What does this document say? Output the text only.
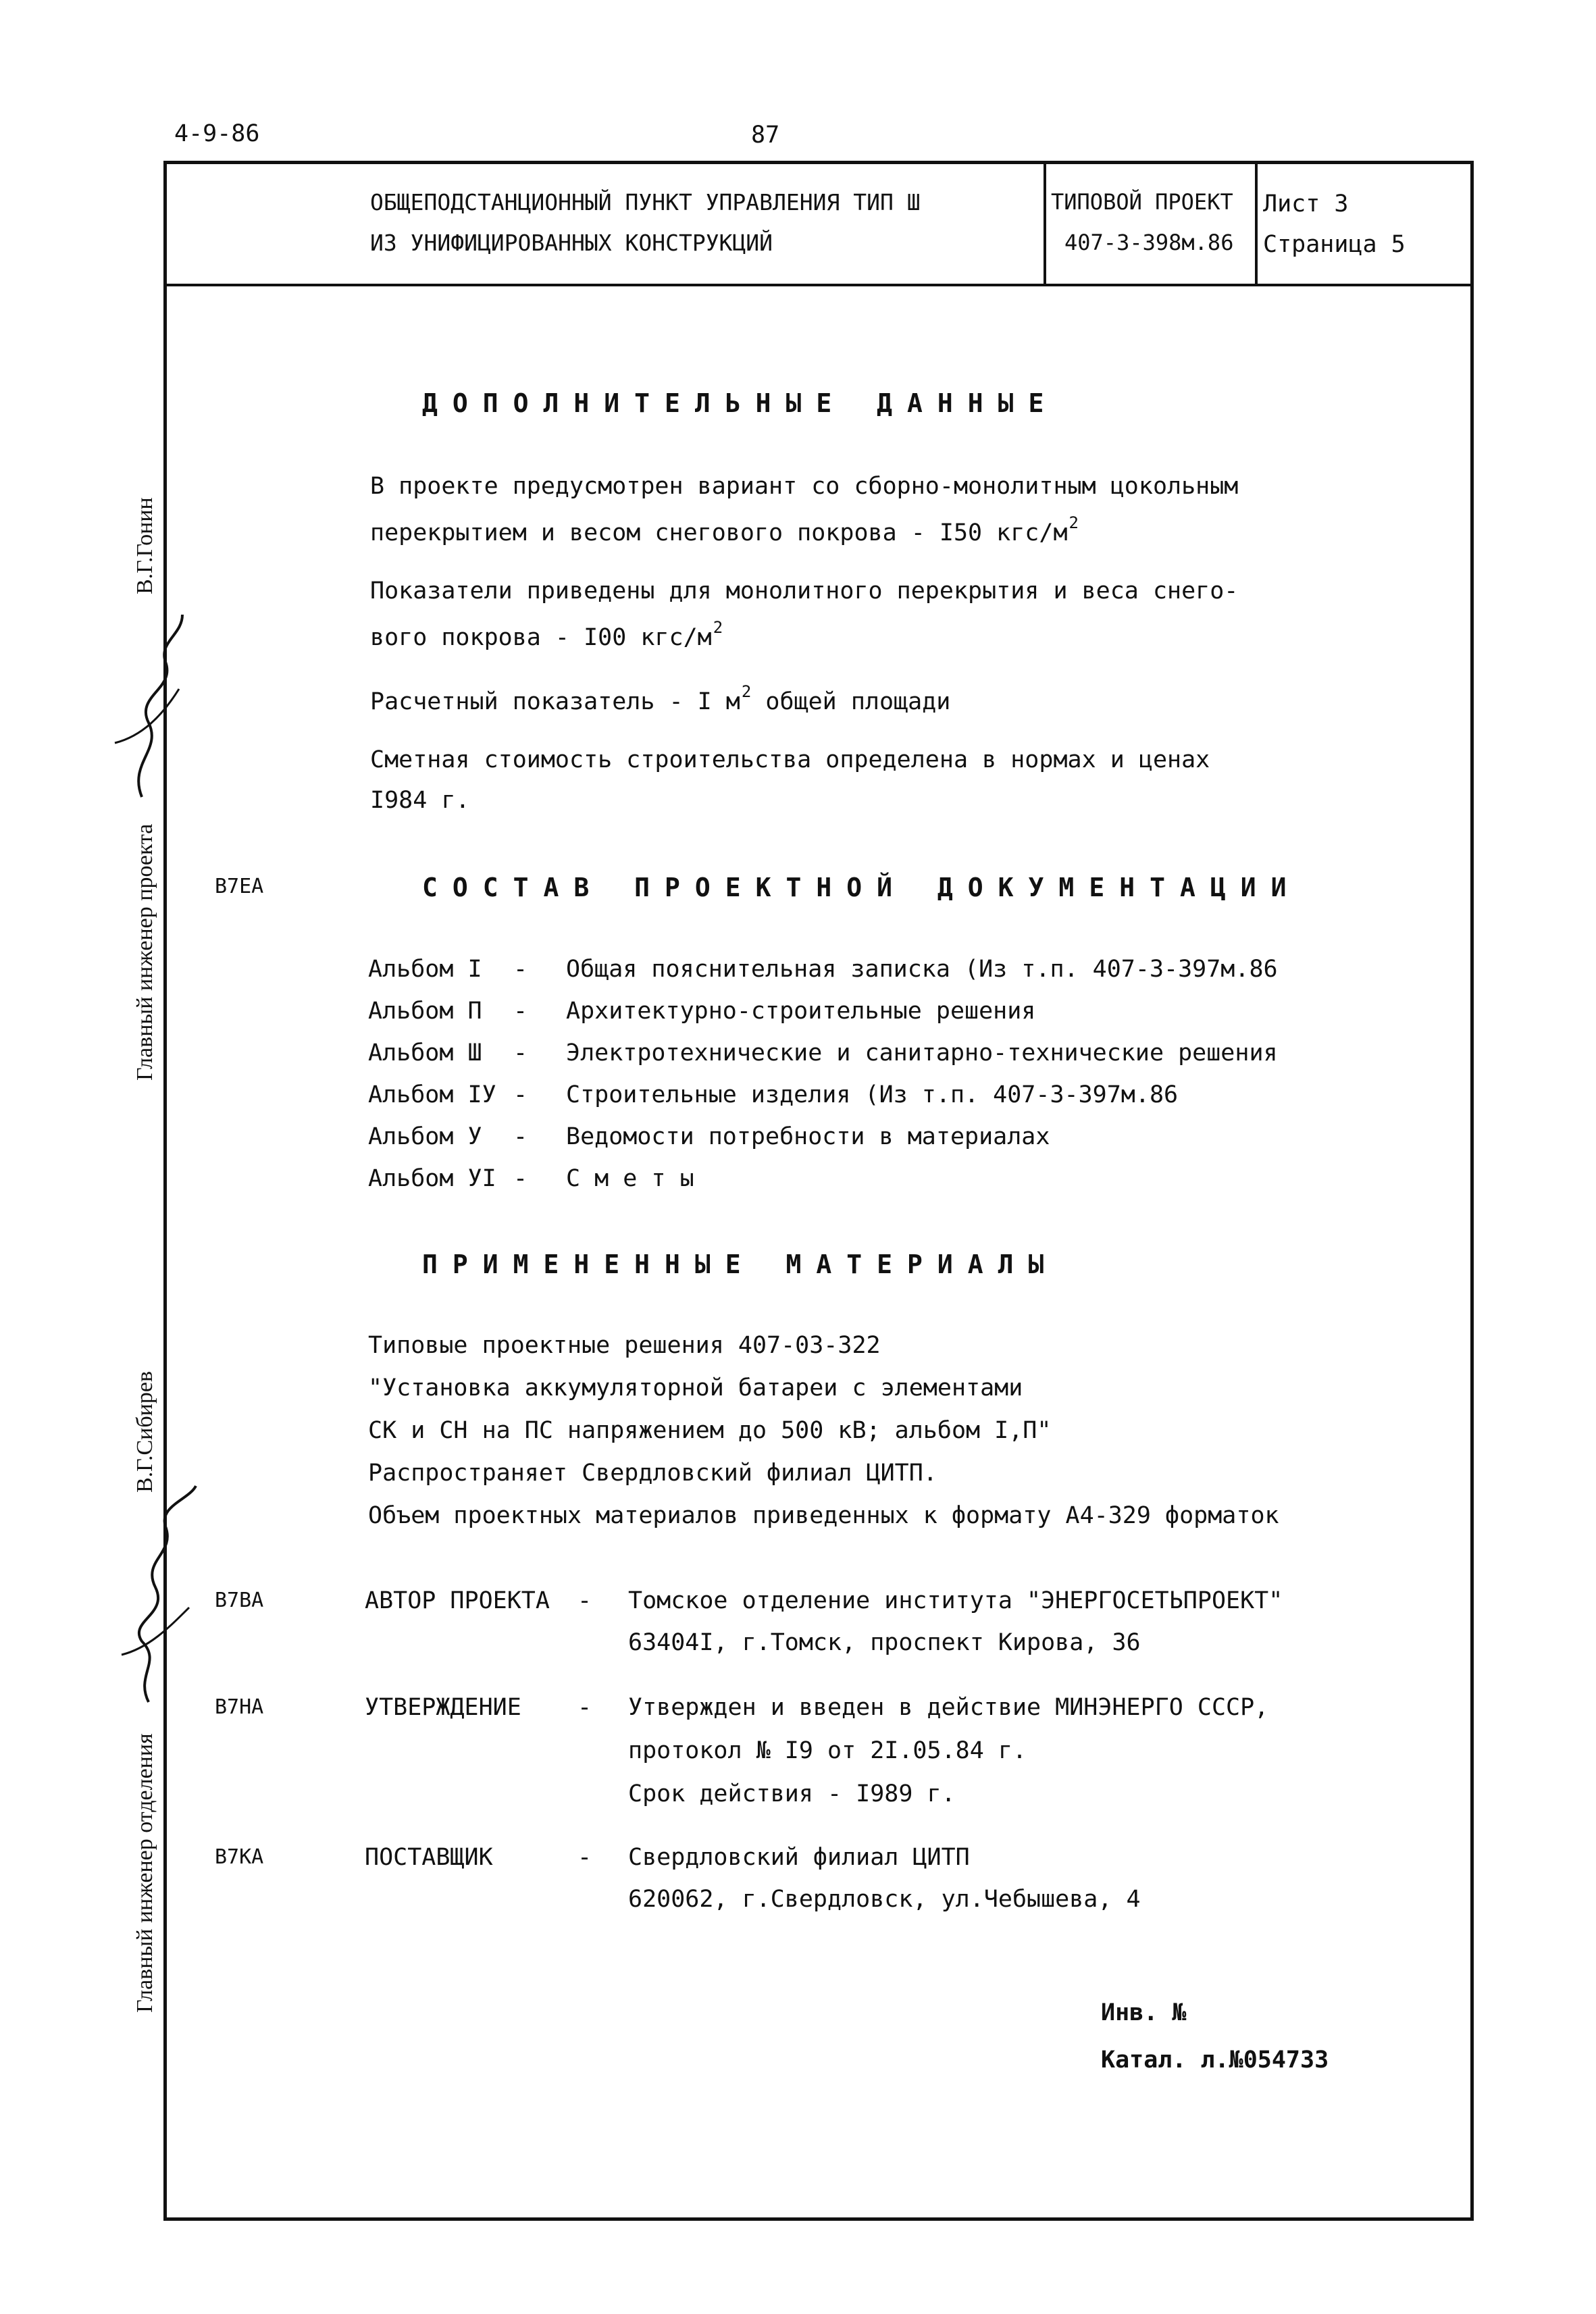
4-9-86	87
ОБЩЕПОДСТАНЦИОННЫЙ ПУНКТ УПРАВЛЕНИЯ ТИП Ш
ИЗ УНИФИЦИРОВАННЫХ КОНСТРУКЦИЙ
ТИПОВОЙ ПРОЕКТ
407-3-398м.86
Лист 3
Страница 5
Главный инженер проекта
В.Г.Гонин
Главный инженер отделения
В.Г.Сибирев
ДОПОЛНИТЕЛЬНЫЕ ДАННЫЕ
В проекте предусмотрен вариант со сборно-монолитным цокольным
перекрытием и весом снегового покрова - I50 кгс/$м^2$
Показатели приведены для монолитного перекрытия и веса снего-
вого покрова - I00 кгс/$м^2$
Расчетный показатель - I $м^2$ общей площади
Сметная стоимость строительства определена в нормах и ценах
I984 г.
В7ЕА	СОСТАВ ПРОЕКТНОЙ ДОКУМЕНТАЦИИ
Альбом I - Общая пояснительная записка (Из т.п. 407-3-397м.86
Альбом П - Архитектурно-строительные решения
Альбом Ш - Электротехнические и санитарно-технические решения
Альбом IУ - Строительные изделия (Из т.п. 407-3-397м.86
Альбом У - Ведомости потребности в материалах
Альбом УI - С м е т ы
ПРИМЕНЕННЫЕ МАТЕРИАЛЫ
Типовые проектные решения 407-03-322
"Установка аккумуляторной батареи с элементами
СК и СН на ПС напряжением до 500 кВ; альбом I,П"
Распространяет Свердловский филиал ЦИТП.
Объем проектных материалов приведенных к формату А4-329 форматок
В7ВА	АВТОР ПРОЕКТА - Томское отделение института "ЭНЕРГОСЕТЬПРОЕКТ"
63404I, г.Томск, проспект Кирова, 36
В7НА	УТВЕРЖДЕНИЕ - Утвержден и введен в действие МИНЭНЕРГО СССР,
протокол № I9 от 2I.05.84 г.
Срок действия - I989 г.
В7КА	ПОСТАВЩИК	- Свердловский филиал ЦИТП
620062, г.Свердловск, ул.Чебышева, 4
Инв. №
Катал. л.№054733
